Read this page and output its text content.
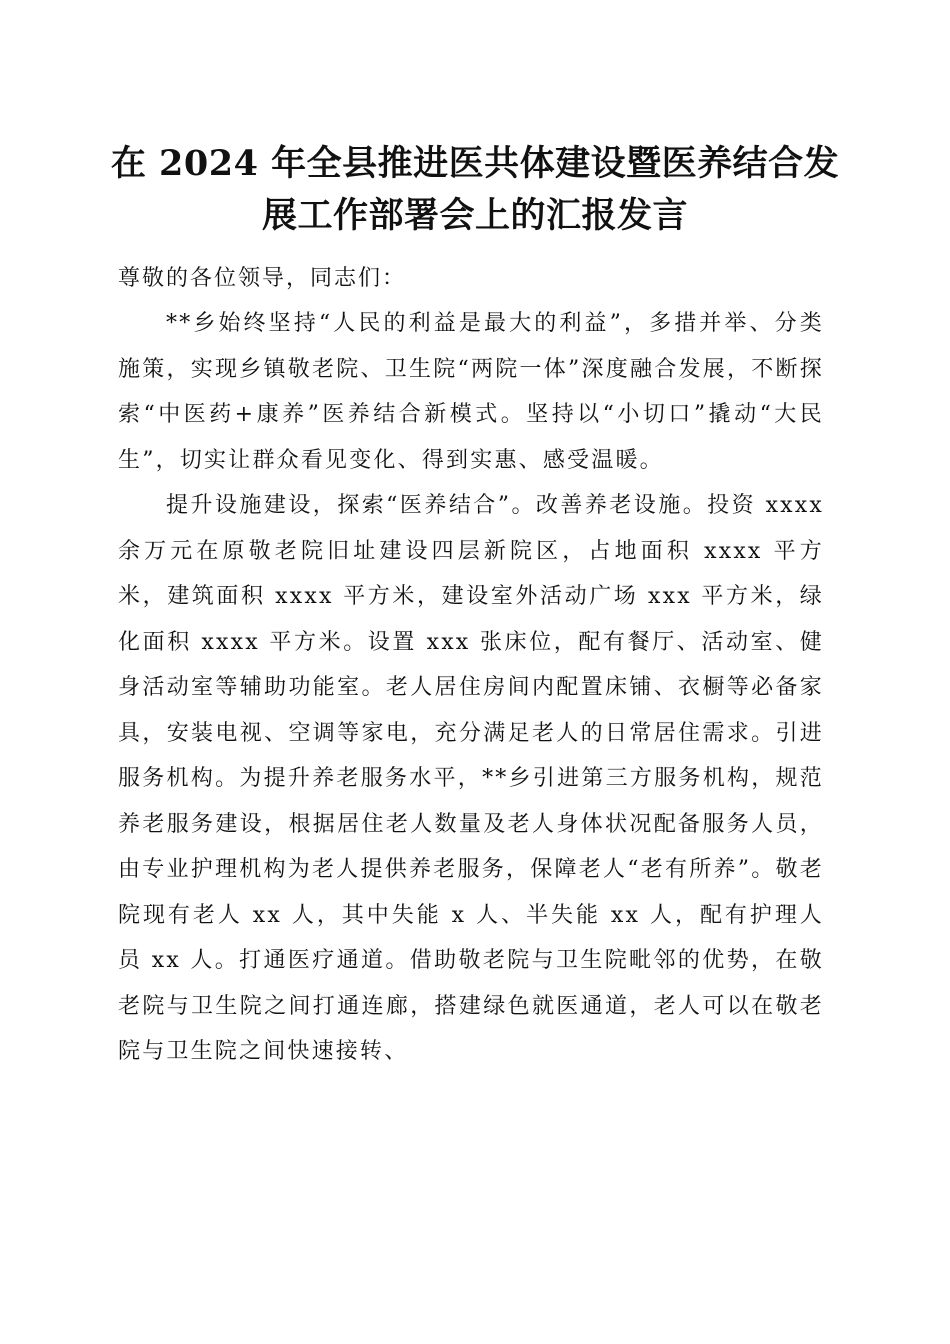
在 2024 年全县推进医共体建设暨医养结合发
展工作部署会上的汇报发言

尊敬的各位领导，同志们：

**乡始终坚持“人民的利益是最大的利益”，多措并举、分类施策，实现乡镇敬老院、卫生院“两院一体”深度融合发展，不断探索“中医药+康养”医养结合新模式。坚持以“小切口”撬动“大民生”，切实让群众看见变化、得到实惠、感受温暖。

提升设施建设，探索“医养结合”。改善养老设施。投资 xxxx 余万元在原敬老院旧址建设四层新院区，占地面积 xxxx 平方米，建筑面积 xxxx 平方米，建设室外活动广场 xxx 平方米，绿化面积 xxxx 平方米。设置 xxx 张床位，配有餐厅、活动室、健身活动室等辅助功能室。老人居住房间内配置床铺、衣橱等必备家具，安装电视、空调等家电，充分满足老人的日常居住需求。引进服务机构。为提升养老服务水平，**乡引进第三方服务机构，规范养老服务建设，根据居住老人数量及老人身体状况配备服务人员，由专业护理机构为老人提供养老服务，保障老人“老有所养”。敬老院现有老人 xx 人，其中失能 x 人、半失能 xx 人，配有护理人员 xx 人。打通医疗通道。借助敬老院与卫生院毗邻的优势，在敬老院与卫生院之间打通连廊，搭建绿色就医通道，老人可以在敬老院与卫生院之间快速接转、
